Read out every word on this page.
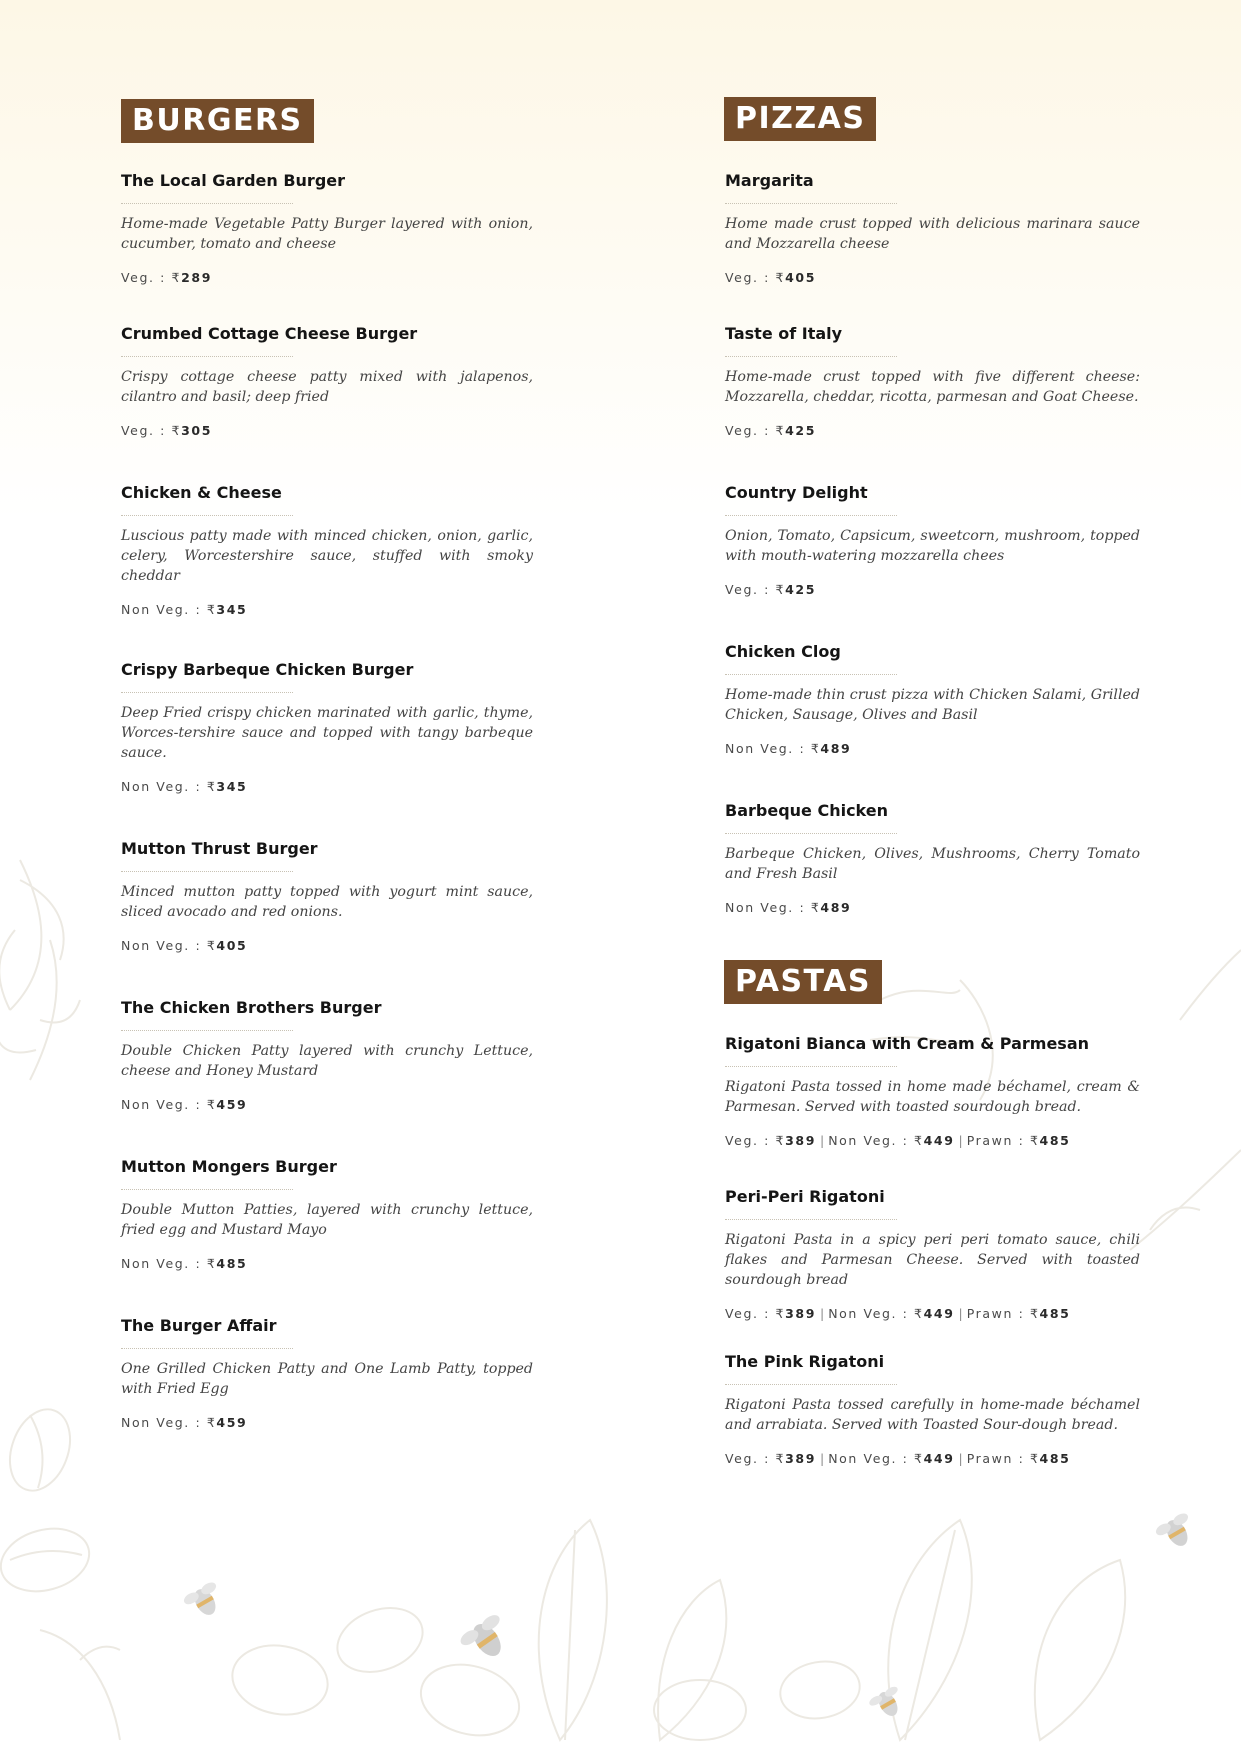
BURGERS
The Local Garden Burger
Home-made Vegetable Patty Burger layered with onion, cucumber, tomato and cheese
Veg. : ₹289
Crumbed Cottage Cheese Burger
Crispy cottage cheese patty mixed with jalapenos, cilantro and basil; deep fried
Veg. : ₹305
Chicken & Cheese
Luscious patty made with minced chicken, onion, garlic, celery, Worcestershire sauce, stuffed with smoky cheddar
Non Veg. : ₹345
Crispy Barbeque Chicken Burger
Deep Fried crispy chicken marinated with garlic, thyme, Worces-tershire sauce and topped with tangy barbeque sauce.
Non Veg. : ₹345
Mutton Thrust Burger
Minced mutton patty topped with yogurt mint sauce, sliced avocado and red onions.
Non Veg. : ₹405
The Chicken Brothers Burger
Double Chicken Patty layered with crunchy Lettuce, cheese and Honey Mustard
Non Veg. : ₹459
Mutton Mongers Burger
Double Mutton Patties, layered with crunchy lettuce, fried egg and Mustard Mayo
Non Veg. : ₹485
The Burger Affair
One Grilled Chicken Patty and One Lamb Patty, topped with Fried Egg
Non Veg. : ₹459
PIZZAS
Margarita
Home made crust topped with delicious marinara sauce and Mozzarella cheese
Veg. : ₹405
Taste of Italy
Home-made crust topped with five different cheese: Mozzarella, cheddar, ricotta, parmesan and Goat Cheese.
Veg. : ₹425
Country Delight
Onion, Tomato, Capsicum, sweetcorn, mushroom, topped with mouth-watering mozzarella chees
Veg. : ₹425
Chicken Clog
Home-made thin crust pizza with Chicken Salami, Grilled Chicken, Sausage, Olives and Basil
Non Veg. : ₹489
Barbeque Chicken
Barbeque Chicken, Olives, Mushrooms, Cherry Tomato and Fresh Basil
Non Veg. : ₹489
PASTAS
Rigatoni Bianca with Cream & Parmesan
Rigatoni Pasta tossed in home made béchamel, cream & Parmesan. Served with toasted sourdough bread.
Veg. : ₹389 | Non Veg. : ₹449 | Prawn : ₹485
Peri-Peri Rigatoni
Rigatoni Pasta in a spicy peri peri tomato sauce, chili flakes and Parmesan Cheese. Served with toasted sourdough bread
Veg. : ₹389 | Non Veg. : ₹449 | Prawn : ₹485
The Pink Rigatoni
Rigatoni Pasta tossed carefully in home-made béchamel and arrabiata. Served with Toasted Sour-dough bread.
Veg. : ₹389 | Non Veg. : ₹449 | Prawn : ₹485
